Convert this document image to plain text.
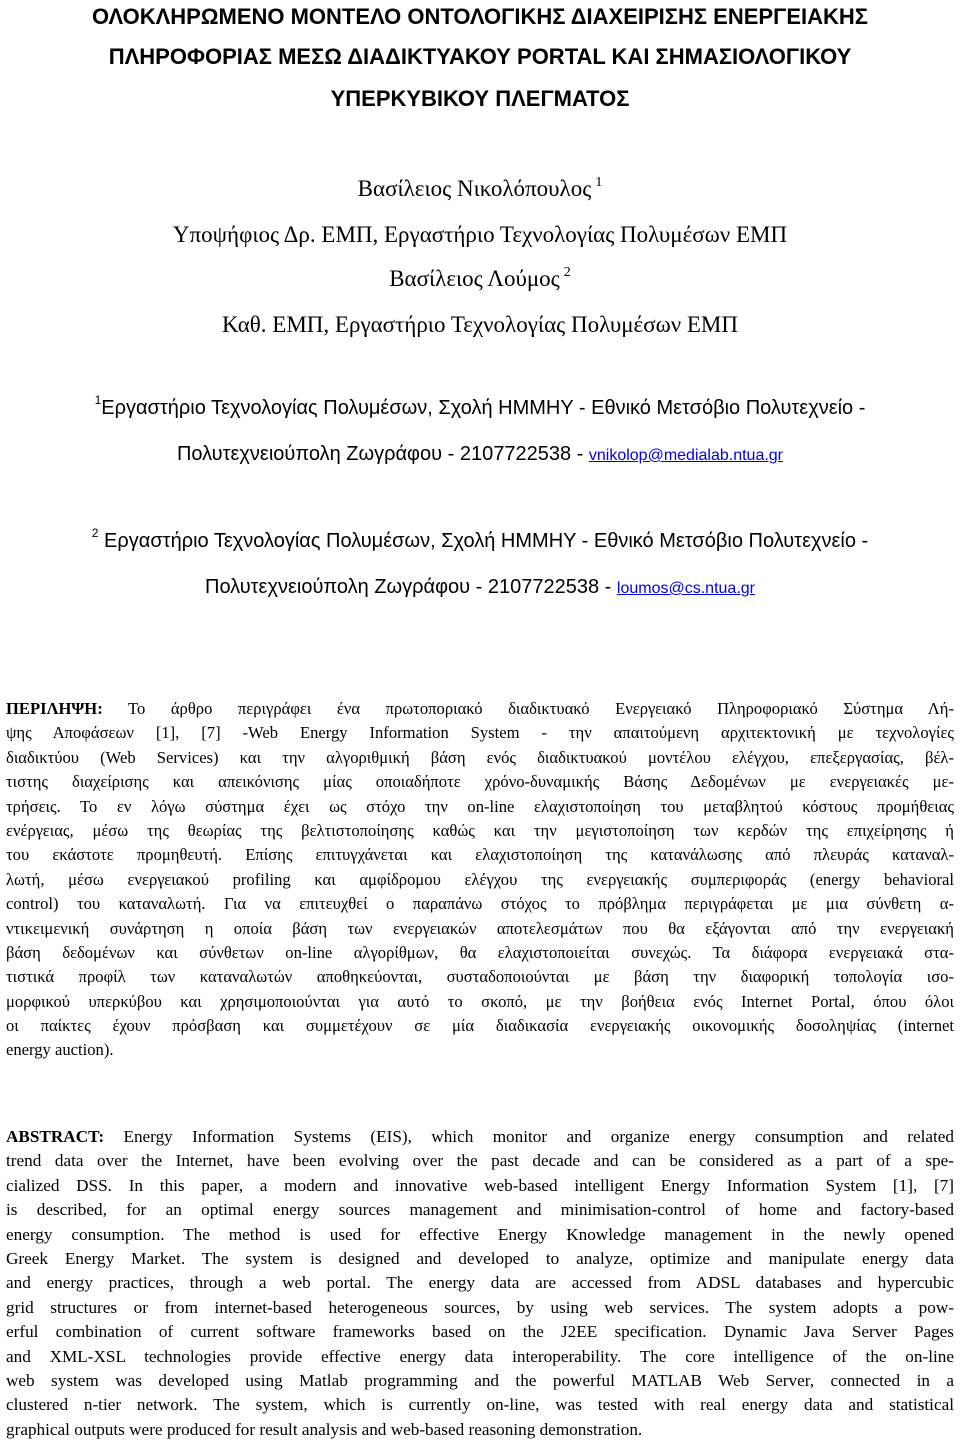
ΟΛΟΚΛΗΡΩΜΕΝΟ ΜΟΝΤΕΛΟ ΟΝΤΟΛΟΓΙΚΗΣ ΔΙΑΧΕΙΡΙΣΗΣ ΕΝΕΡΓΕΙΑΚΗΣ
ΠΛΗΡΟΦΟΡΙΑΣ ΜΕΣΩ ΔΙΑΔΙΚΤΥΑΚΟΥ PORTAL ΚΑΙ ΣΗΜΑΣΙΟΛΟΓΙΚΟΥ
ΥΠΕΡΚΥΒΙΚΟΥ ΠΛΕΓΜΑΤΟΣ
Βασίλειος Νικολόπουλος $^1$
Υποψήφιος Δρ. ΕΜΠ, Εργαστήριο Τεχνολογίας Πολυμέσων ΕΜΠ
Βασίλειος Λούμος $^2$
Καθ. ΕΜΠ, Εργαστήριο Τεχνολογίας Πολυμέσων ΕΜΠ
$^1$Εργαστήριο Τεχνολογίας Πολυμέσων, Σχολή ΗΜΜΗΥ - Εθνικό Μετσόβιο Πολυτεχνείο -
Πολυτεχνειούπολη Ζωγράφου - 2107722538 - vnikolop@medialab.ntua.gr
$^2$ Εργαστήριο Τεχνολογίας Πολυμέσων, Σχολή ΗΜΜΗΥ - Εθνικό Μετσόβιο Πολυτεχνείο -
Πολυτεχνειούπολη Ζωγράφου - 2107722538 - loumos@cs.ntua.gr
ΠΕΡΙΛΗΨΗ: Το άρθρο περιγράφει ένα πρωτοποριακό διαδικτυακό Ενεργειακό Πληροφοριακό Σύστημα Λή-
ψης Αποφάσεων [1], [7] -Web Energy Information System - την απαιτούμενη αρχιτεκτονική με τεχνολογίες
διαδικτύου (Web Services) και την αλγοριθμική βάση ενός διαδικτυακού μοντέλου ελέγχου, επεξεργασίας, βέλ-
τιστης διαχείρισης και απεικόνισης μίας οποιαδήποτε χρόνο-δυναμικής Βάσης Δεδομένων με ενεργειακές με-
τρήσεις. Το εν λόγω σύστημα έχει ως στόχο την on-line ελαχιστοποίηση του μεταβλητού κόστους προμήθειας
ενέργειας, μέσω της θεωρίας της βελτιστοποίησης καθώς και την μεγιστοποίηση των κερδών της επιχείρησης ή
του εκάστοτε προμηθευτή. Επίσης επιτυγχάνεται και ελαχιστοποίηση της κατανάλωσης από πλευράς καταναλ-
λωτή, μέσω ενεργειακού profiling και αμφίδρομου ελέγχου της ενεργειακής συμπεριφοράς (energy behavioral
control) του καταναλωτή. Για να επιτευχθεί ο παραπάνω στόχος το πρόβλημα περιγράφεται με μια σύνθετη α-
ντικειμενική συνάρτηση η οποία βάση των ενεργειακών αποτελεσμάτων που θα εξάγονται από την ενεργειακή
βάση δεδομένων και σύνθετων on-line αλγορίθμων, θα ελαχιστοποιείται συνεχώς. Τα διάφορα ενεργειακά στα-
τιστικά προφίλ των καταναλωτών αποθηκεύονται, συσταδοποιούνται με βάση την διαφορική τοπολογία ισο-
μορφικού υπερκύβου και χρησιμοποιούνται για αυτό το σκοπό, με την βοήθεια ενός Internet Portal, όπου όλοι
οι παίκτες έχουν πρόσβαση και συμμετέχουν σε μία διαδικασία ενεργειακής οικονομικής δοσοληψίας (internet
energy auction).
ABSTRACT: Energy Information Systems (EIS), which monitor and organize energy consumption and related
trend data over the Internet, have been evolving over the past decade and can be considered as a part of a spe-
cialized DSS. In this paper, a modern and innovative web-based intelligent Energy Information System [1], [7]
is described, for an optimal energy sources management and minimisation-control of home and factory-based
energy consumption. The method is used for effective Energy Knowledge management in the newly opened
Greek Energy Market. The system is designed and developed to analyze, optimize and manipulate energy data
and energy practices, through a web portal. The energy data are accessed from ADSL databases and hypercubic
grid structures or from internet-based heterogeneous sources, by using web services. The system adopts a pow-
erful combination of current software frameworks based on the J2EE specification. Dynamic Java Server Pages
and XML-XSL technologies provide effective energy data interoperability. The core intelligence of the on-line
web system was developed using Matlab programming and the powerful MATLAB Web Server, connected in a
clustered n-tier network. The system, which is currently on-line, was tested with real energy data and statistical
graphical outputs were produced for result analysis and web-based reasoning demonstration.
